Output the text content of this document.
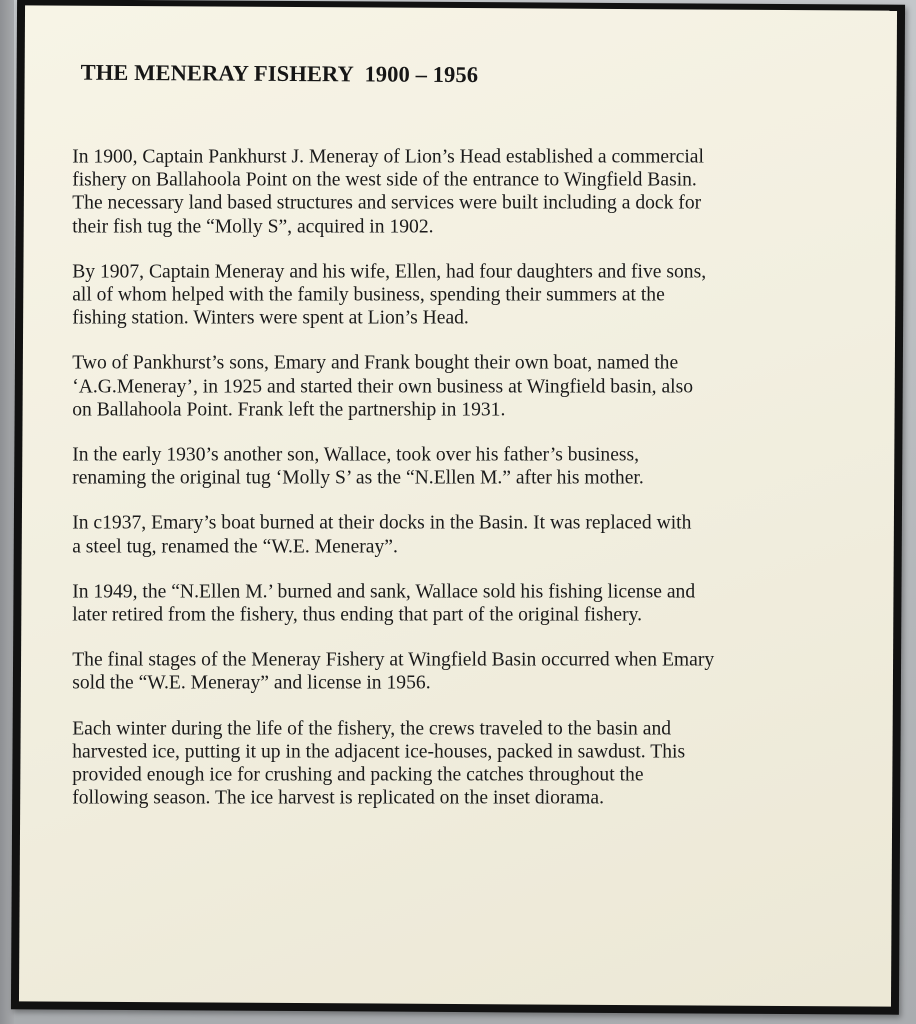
THE MENERAY FISHERY  1900 – 1956

In 1900, Captain Pankhurst J. Meneray of Lion’s Head established a commercial
fishery on Ballahoola Point on the west side of the entrance to Wingfield Basin.
The necessary land based structures and services were built including a dock for
their fish tug the “Molly S”, acquired in 1902.

By 1907, Captain Meneray and his wife, Ellen, had four daughters and five sons,
all of whom helped with the family business, spending their summers at the
fishing station. Winters were spent at Lion’s Head.

Two of Pankhurst’s sons, Emary and Frank bought their own boat, named the
‘A.G.Meneray’, in 1925 and started their own business at Wingfield basin, also
on Ballahoola Point. Frank left the partnership in 1931.

In the early 1930’s another son, Wallace, took over his father’s business,
renaming the original tug ‘Molly S’ as the “N.Ellen M.” after his mother.

In c1937, Emary’s boat burned at their docks in the Basin. It was replaced with
a steel tug, renamed the “W.E. Meneray”.

In 1949, the “N.Ellen M.’ burned and sank, Wallace sold his fishing license and
later retired from the fishery, thus ending that part of the original fishery.

The final stages of the Meneray Fishery at Wingfield Basin occurred when Emary
sold the “W.E. Meneray” and license in 1956.

Each winter during the life of the fishery, the crews traveled to the basin and
harvested ice, putting it up in the adjacent ice-houses, packed in sawdust. This
provided enough ice for crushing and packing the catches throughout the
following season. The ice harvest is replicated on the inset diorama.
